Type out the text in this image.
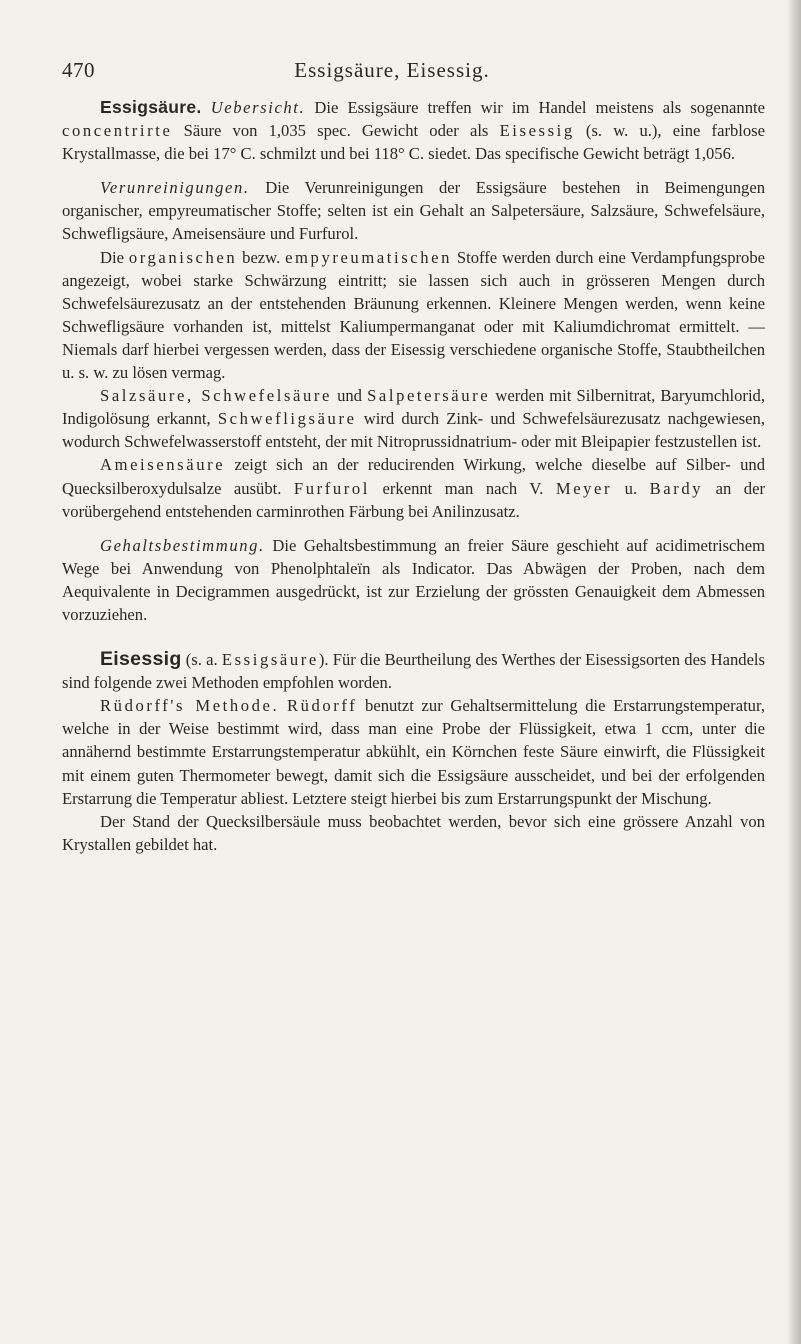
470	Essigsäure, Eisessig.

Essigsäure. Uebersicht. Die Essigsäure treffen wir im Handel meistens als sogenannte concentrirte Säure von 1,035 spec. Gewicht oder als Eisessig (s. w. u.), eine farblose Krystallmasse, die bei 17° C. schmilzt und bei 118° C. siedet. Das specifische Gewicht beträgt 1,056.

Verunreinigungen. Die Verunreinigungen der Essigsäure bestehen in Beimengungen organischer, empyreumatischer Stoffe; selten ist ein Gehalt an Salpetersäure, Salzsäure, Schwefelsäure, Schwefligsäure, Ameisensäure und Furfurol.

Die organischen bezw. empyreumatischen Stoffe werden durch eine Verdampfungsprobe angezeigt, wobei starke Schwärzung eintritt; sie lassen sich auch in grösseren Mengen durch Schwefelsäurezusatz an der entstehenden Bräunung erkennen. Kleinere Mengen werden, wenn keine Schwefligsäure vorhanden ist, mittelst Kaliumpermanganat oder mit Kaliumdichromat ermittelt. — Niemals darf hierbei vergessen werden, dass der Eisessig verschiedene organische Stoffe, Staubtheilchen u. s. w. zu lösen vermag.

Salzsäure, Schwefelsäure und Salpetersäure werden mit Silbernitrat, Baryumchlorid, Indigolösung erkannt, Schwefligsäure wird durch Zink- und Schwefelsäurezusatz nachgewiesen, wodurch Schwefelwasserstoff entsteht, der mit Nitroprussidnatrium- oder mit Bleipapier festzustellen ist.

Ameisensäure zeigt sich an der reducirenden Wirkung, welche dieselbe auf Silber- und Quecksilberoxydulsalze ausübt. Furfurol erkennt man nach V. Meyer u. Bardy an der vorübergehend entstehenden carminrothen Färbung bei Anilinzusatz.

Gehaltsbestimmung. Die Gehaltsbestimmung an freier Säure geschieht auf acidimetrischem Wege bei Anwendung von Phenolphtaleïn als Indicator. Das Abwägen der Proben, nach dem Aequivalente in Decigrammen ausgedrückt, ist zur Erzielung der grössten Genauigkeit dem Abmessen vorzuziehen.

Eisessig (s. a. Essigsäure). Für die Beurtheilung des Werthes der Eisessigsorten des Handels sind folgende zwei Methoden empfohlen worden.

Rüdorff's Methode. Rüdorff benutzt zur Gehaltsermittelung die Erstarrungstemperatur, welche in der Weise bestimmt wird, dass man eine Probe der Flüssigkeit, etwa 1 ccm, unter die annähernd bestimmte Erstarrungstemperatur abkühlt, ein Körnchen feste Säure einwirft, die Flüssigkeit mit einem guten Thermometer bewegt, damit sich die Essigsäure ausscheidet, und bei der erfolgenden Erstarrung die Temperatur abliest. Letztere steigt hierbei bis zum Erstarrungspunkt der Mischung.

Der Stand der Quecksilbersäule muss beobachtet werden, bevor sich eine grössere Anzahl von Krystallen gebildet hat.
